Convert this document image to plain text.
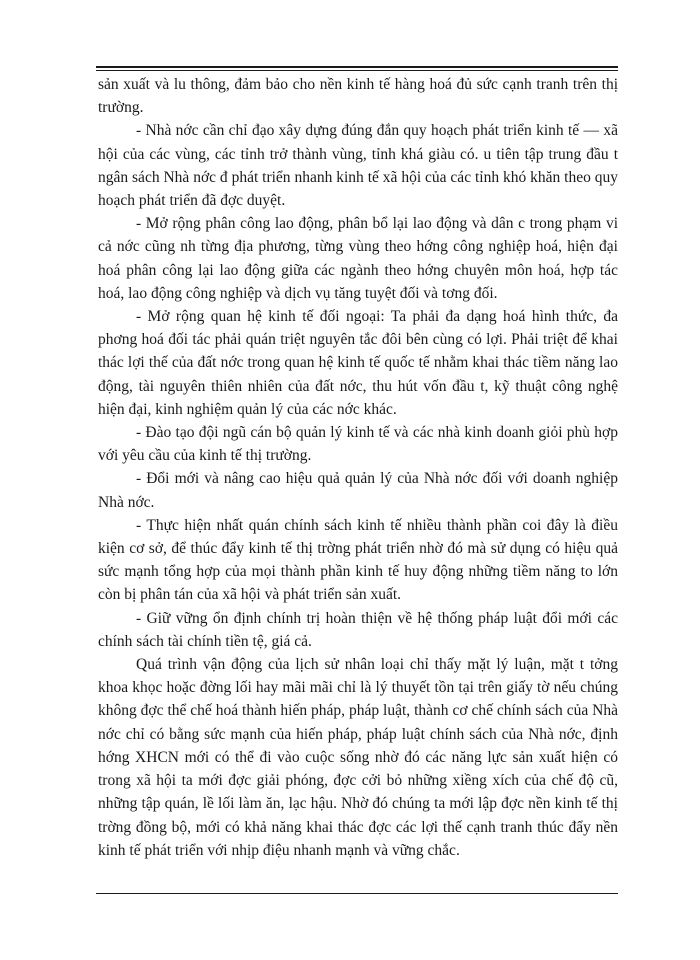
sản xuất và lu thông, đảm bảo cho nền kinh tế hàng hoá đủ sức cạnh tranh trên thị trường.

- Nhà nớc cần chỉ đạo xây dựng đúng đắn quy hoạch phát triển kinh tế — xã hội của các vùng, các tỉnh trở thành vùng, tỉnh khá giàu có. u tiên tập trung đầu t ngân sách Nhà nớc đ phát triển nhanh kinh tế xã hội của các tỉnh khó khăn theo quy hoạch phát triển đã đợc duyệt.

- Mở rộng phân công lao động, phân bổ lại lao động và dân c trong phạm vi cả nớc cũng nh từng địa phương, từng vùng theo hớng công nghiệp hoá, hiện đại hoá phân công lại lao động giữa các ngành theo hớng chuyên môn hoá, hợp tác hoá, lao động công nghiệp và dịch vụ tăng tuyệt đối và tơng đối.

- Mở rộng quan hệ kinh tế đối ngoại: Ta phải đa dạng hoá hình thức, đa phơng hoá đối tác phải quán triệt nguyên tắc đôi bên cùng có lợi. Phải triệt để khai thác lợi thế của đất nớc trong quan hệ kinh tế quốc tế nhằm khai thác tiềm năng lao động, tài nguyên thiên nhiên của đất nớc, thu hút vốn đầu t, kỹ thuật công nghệ hiện đại, kinh nghiệm quản lý của các nớc khác.

- Đào tạo đội ngũ cán bộ quản lý kinh tế và các nhà kinh doanh giỏi phù hợp với yêu cầu của kinh tế thị trường.

- Đổi mới và nâng cao hiệu quả quản lý của Nhà nớc đối với doanh nghiệp Nhà nớc.

- Thực hiện nhất quán chính sách kinh tế nhiều thành phần coi đây là điều kiện cơ sở, để thúc đẩy kinh tế thị trờng phát triển nhờ đó mà sử dụng có hiệu quả sức mạnh tổng hợp của mọi thành phần kinh tế huy động những tiềm năng to lớn còn bị phân tán của xã hội và phát triển sản xuất.

- Giữ vững ổn định chính trị hoàn thiện về hệ thống pháp luật đổi mới các chính sách tài chính tiền tệ, giá cả.

Quá trình vận động của lịch sử nhân loại chỉ thấy mặt lý luận, mặt t tởng khoa khọc hoặc đờng lối hay mãi mãi chỉ là lý thuyết tồn tại trên giấy tờ nếu chúng không đợc thể chế hoá thành hiến pháp, pháp luật, thành cơ chế chính sách của Nhà nớc chỉ có bằng sức mạnh của hiến pháp, pháp luật chính sách của Nhà nớc, định hớng XHCN mới có thể đi vào cuộc sống nhờ đó các năng lực sản xuất hiện có trong xã hội ta mới đợc giải phóng, đợc cởi bỏ những xiềng xích của chế độ cũ, những tập quán, lề lối làm ăn, lạc hậu. Nhờ đó chúng ta mới lập đợc nền kinh tế thị trờng đồng bộ, mới có khả năng khai thác đợc các lợi thế cạnh tranh thúc đẩy nền kinh tế phát triển với nhịp điệu nhanh mạnh và vững chắc.
